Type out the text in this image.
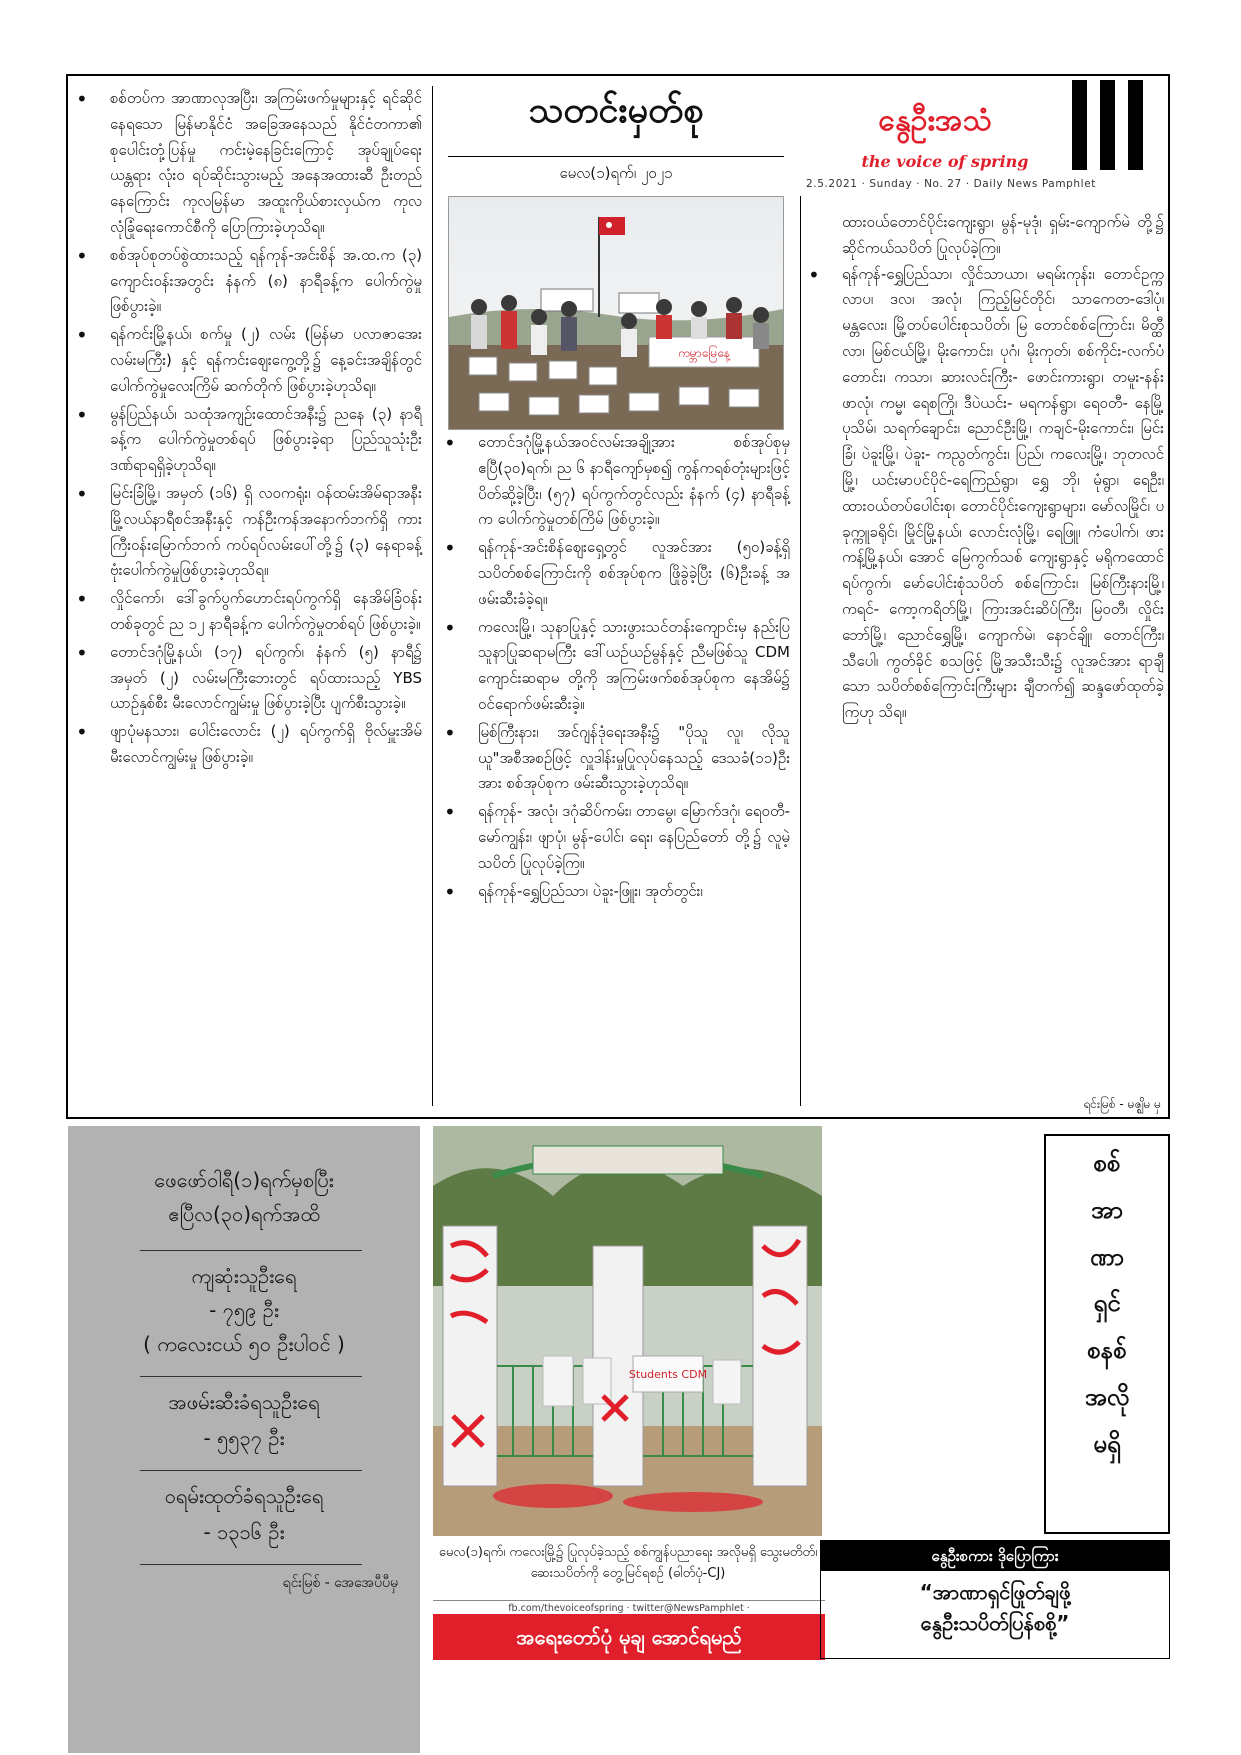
• စစ်တပ်က အာဏာလုအပြီး၊ အကြမ်းဖက်မှုများနှင့် ရင်ဆိုင်နေရသော မြန်မာနိုင်ငံ အခြေအနေသည် နိုင်ငံတကာ၏ စုပေါင်းတုံ့ပြန်မှု ကင်းမဲ့နေခြင်းကြောင့် အုပ်ချုပ်ရေးယန္တရား လုံးဝ ရပ်ဆိုင်းသွားမည့် အနေအထားဆီ ဦးတည်နေကြောင်း ကုလမြန်မာ အထူးကိုယ်စားလှယ်က ကုလလုံခြုံရေးကောင်စီကို ပြောကြားခဲ့ဟုသိရ။
• စစ်အုပ်စုတပ်စွဲထားသည့် ရန်ကုန်-အင်းစိန် အ.ထ.က (၃) ကျောင်းဝန်းအတွင်း နံနက် (၈) နာရီခန့်က ပေါက်ကွဲမှုဖြစ်ပွားခဲ့။
• ရန်ကင်းမြို့နယ်၊ စက်မှု (၂) လမ်း (မြန်မာ ပလာဇာအေးလမ်းမကြီး) နှင့် ရန်ကင်းဈေးကွေ့တို့၌ နေ့ခင်းအချိန်တွင် ပေါက်ကွဲမှုလေးကြိမ် ဆက်တိုက် ဖြစ်ပွားခဲ့ဟုသိရ။
• မွန်ပြည်နယ်၊ သထုံအကျဉ်းထောင်အနီး၌ ညနေ (၃) နာရီခန့်က ပေါက်ကွဲမှုတစ်ရပ် ဖြစ်ပွားခဲ့ရာ ပြည်သူသုံးဦး ဒဏ်ရာရရှိခဲ့ဟုသိရ။
• မြင်းခြံမြို့၊ အမှတ် (၁၆) ရှိ လဝကရုံး၊ ဝန်ထမ်းအိမ်ရာအနီး မြို့လယ်နာရီစင်အနီးနှင့် ကန်ဦးကန်အနောက်ဘက်ရှိ ကားကြီးဝန်းမြောက်ဘက် ကပ်ရပ်လမ်းပေါ်တို့၌ (၃) နေရာခန့် ဗုံးပေါက်ကွဲမှုဖြစ်ပွားခဲ့ဟုသိရ။
• လှိုင်ကော်၊ ဒေါ်ခွက်ပွက်ဟောင်းရပ်ကွက်ရှိ နေအိမ်ခြံဝန်းတစ်ခုတွင် ည ၁၂ နာရီခန့်က ပေါက်ကွဲမှုတစ်ရပ် ဖြစ်ပွားခဲ့။
• တောင်ဒဂုံမြို့နယ်၊ (၁၇) ရပ်ကွက်၊ နံနက် (၅) နာရီ၌ အမှတ် (၂) လမ်းမကြီးဘေးတွင် ရပ်ထားသည့် YBS ယာဉ်နှစ်စီး မီးလောင်ကျွမ်းမှု ဖြစ်ပွားခဲ့ပြီး ပျက်စီးသွားခဲ့။
• ဖျာပုံမနသား၊ ပေါင်းလောင်း (၂) ရပ်ကွက်ရှိ ဗိုလ်မှူးအိမ် မီးလောင်ကျွမ်းမှု ဖြစ်ပွားခဲ့။
သတင်းမှတ်စု
မေလ(၁)ရက်၊ ၂၀၂၁
နွေဦးအသံ
the voice of spring
2.5.2021 · Sunday · No. 27 · Daily News Pamphlet
ကမ္ဘာမြေနေ့
• တောင်ဒဂုံမြို့နယ်အဝင်လမ်းအချို့အား စစ်အုပ်စုမှ ဧပြီ(၃၀)ရက်၊ ည ၆ နာရီကျော်မှစ၍ ကွန်ကရစ်တုံးများဖြင့် ပိတ်ဆို့ခဲ့ပြီး၊ (၅၇) ရပ်ကွက်တွင်လည်း နံနက် (၄) နာရီခန့်က ပေါက်ကွဲမှုတစ်ကြိမ် ဖြစ်ပွားခဲ့။
• ရန်ကုန်-အင်းစိန်ဈေးရှေ့တွင် လူအင်အား (၅၀)ခန့်ရှိ သပိတ်စစ်ကြောင်းကို စစ်အုပ်စုက ဖြိုခွဲခဲ့ပြီး (၆)ဦးခန့် အဖမ်းဆီးခံခဲ့ရ။
• ကလေးမြို့၊ သုနာပြုနှင့် သားဖွားသင်တန်းကျောင်းမှ နည်းပြသူနာပြုဆရာမကြီး ဒေါ်ယဉ်ယဉ်မွန်နှင့် ညီမဖြစ်သူ CDM ကျောင်းဆရာမ တို့ကို အကြမ်းဖက်စစ်အုပ်စုက နေအိမ်၌ ဝင်ရောက်ဖမ်းဆီးခဲ့။
• မြစ်ကြီးနား၊ အင်ဂျန်ဒုံရေးအနီး၌ "ပိုသူ လူ၊ လိုသူယူ"အစီအစဉ်ဖြင့် လှူဒါန်းမှုပြုလုပ်နေသည့် ဒေသခံ(၁၁)ဦးအား စစ်အုပ်စုက ဖမ်းဆီးသွားခဲ့ဟုသိရ။
• ရန်ကုန်- အလုံ၊ ဒဂုံဆိပ်ကမ်း၊ တာမွေ၊ မြောက်ဒဂုံ၊ ရေဝတီ-မော်ကျွန်း၊ ဖျာပုံ၊ မွန်-ပေါင်၊ ရေး၊ နေပြည်တော် တို့၌ လူမဲ့ သပိတ် ပြုလုပ်ခဲ့ကြ။
• ရန်ကုန်-ရွှေပြည်သာ၊ ပဲခူး-ဖြူး၊ အုတ်တွင်း၊
ထားဝယ်တောင်ပိုင်းကျေးရွာ၊ မွန်-မုဒုံ၊ ရှမ်း-ကျောက်မဲ တို့၌ ဆိုင်ကယ်သပိတ် ပြုလုပ်ခဲ့ကြ။
• ရန်ကုန်-ရွှေပြည်သာ၊ လှိုင်သာယာ၊ မရမ်းကုန်း၊ တောင်ဥက္ကလာပ၊ ဒလ၊ အလုံ၊ ကြည့်မြင်တိုင်၊ သာကေတ-ဒေါပုံ၊ မန္တလေး၊ မြို့တပ်ပေါင်းစုသပိတ်၊ မြ တောင်စစ်ကြောင်း၊ မိတ္ထီလာ၊ မြစ်ငယ်မြို့၊ မိုးကောင်း၊ ပုဂံ၊ မိုးကုတ်၊ စစ်ကိုင်း-လက်ပံတောင်း၊ ကသာ၊ ဆားလင်းကြီး- ဖောင်းကားရွာ၊ တမူး-နန်းဖာလုံ၊ ကမ္မ၊ ရေစကြို၊ ဒီပဲယင်း- မရကန်ရွာ၊ ရေဝတီ- နေမြို့ ပုသိမ်၊ သရက်ချောင်း၊ ညောင်ဦးမြို့၊ ကချင်-မိုးကောင်း၊ မြင်းခြံ၊ ပဲခူးမြို့၊ ပဲခူး- ကညွတ်ကွင်း၊ ပြည်၊ ကလေးမြို့၊ ဘုတလင်မြို့၊ ယင်းမာပင်ပိုင်-ရေကြည်ရွာ၊ ရွှေ ဘို၊ မုံရွာ၊ ရေဦး၊ ထားဝယ်တပ်ပေါင်းစု၊ တောင်ပိုင်းကျေးရွာများ၊ မော်လမြိုင်၊ ပခုက္ကူခရိုင်၊ မြိုင်မြို့နယ်၊ လောင်းလုံမြို့၊ ရေဖြူ၊ ကံပေါက်၊ ဖားကန့်မြို့နယ်၊ အောင် မြေကွက်သစ် ကျေးရွာနှင့် မရိုကထောင်ရပ်ကွက်၊ မော်ပေါင်းစုံသပိတ် စစ်ကြောင်း၊ မြစ်ကြီးနားမြို့၊ ကရင်- ကော့ကရိတ်မြို့၊ ကြားအင်းဆိပ်ကြီး၊ မြဝတီ၊ လှိုင်းဘော်မြို့၊ ညောင်ရွှေမြို့၊ ကျောက်မဲ၊ နောင်ချို၊ တောင်ကြီး၊ သီပေါ၊ ကွတ်ခိုင် စသဖြင့် မြို့အသီးသီး၌ လူအင်အား ရာချီသော သပိတ်စစ်ကြောင်းကြီးများ ချီတက်၍ ဆန္ဒဖော်ထုတ်ခဲ့ကြဟု သိရ။
ရင်းမြစ် - မဇ္ဈိမ မှ
ဖေဖော်ဝါရီ(၁)ရက်မှစပြီး
ဧပြီလ(၃၀)ရက်အထိ
ကျဆုံးသူဦးရေ
- ၇၅၉ ဦး
( ကလေးငယ် ၅၀ ဦးပါဝင် )
အဖမ်းဆီးခံရသူဦးရေ
- ၅၅၃၇ ဦး
ဝရမ်းထုတ်ခံရသူဦးရေ
- ၁၃၁၆ ဦး
ရင်းမြစ် - အေအေပီပီမှ
Students CDM
မေလ(၁)ရက်၊ ကလေးမြို့၌ ပြုလုပ်ခဲ့သည့် စစ်ကျွန်ပညာရေး အလိုမရှိ သွေးမတိတ်၊ ဆေးသပိတ်ကို တွေ့မြင်ရစဉ် (ဓါတ်ပုံ-CJ)
fb.com/thevoiceofspring · twitter@NewsPamphlet ·
အရေးတော်ပုံ မုချ အောင်ရမည်
စစ်
အာ
ဏာ
ရှင်
စနစ်
အလို
မရှိ
နွေဦးစကား ဒိုပြောကြား
“အာဏာရှင်ဖြုတ်ချဖို့
နွေဦးသပိတ်ပြန်စစို့”
